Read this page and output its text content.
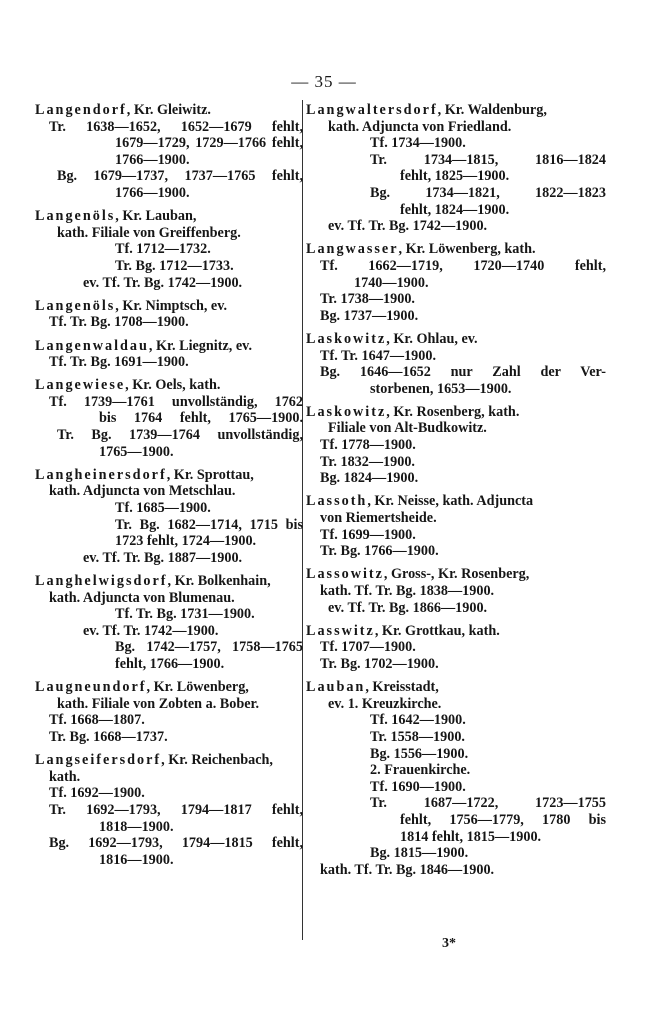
— 35 —
Langendorf, Kr. Gleiwitz.
Tr. 1638—1652, 1652—1679 fehlt,
1679—1729, 1729—1766 fehlt,
1766—1900.
Bg. 1679—1737, 1737—1765 fehlt,
1766—1900.
Langenöls, Kr. Lauban,
kath. Filiale von Greiffenberg.
Tf. 1712—1732.
Tr. Bg. 1712—1733.
ev. Tf. Tr. Bg. 1742—1900.
Langenöls, Kr. Nimptsch, ev.
Tf. Tr. Bg. 1708—1900.
Langenwaldau, Kr. Liegnitz, ev.
Tf. Tr. Bg. 1691—1900.
Langewiese, Kr. Oels, kath.
Tf. 1739—1761 unvollständig, 1762
bis 1764 fehlt, 1765—1900.
Tr. Bg. 1739—1764 unvollständig,
1765—1900.
Langheinersdorf, Kr. Sprottau,
kath. Adjuncta von Metschlau.
Tf. 1685—1900.
Tr. Bg. 1682—1714, 1715 bis
1723 fehlt, 1724—1900.
ev. Tf. Tr. Bg. 1887—1900.
Langhelwigsdorf, Kr. Bolkenhain,
kath. Adjuncta von Blumenau.
Tf. Tr. Bg. 1731—1900.
ev. Tf. Tr. 1742—1900.
Bg. 1742—1757, 1758—1765
fehlt, 1766—1900.
Laugneundorf, Kr. Löwenberg,
kath. Filiale von Zobten a. Bober.
Tf. 1668—1807.
Tr. Bg. 1668—1737.
Langseifersdorf, Kr. Reichenbach,
kath.
Tf. 1692—1900.
Tr. 1692—1793, 1794—1817 fehlt,
1818—1900.
Bg. 1692—1793, 1794—1815 fehlt,
1816—1900.
Langwaltersdorf, Kr. Waldenburg,
kath. Adjuncta von Friedland.
Tf. 1734—1900.
Tr. 1734—1815, 1816—1824
fehlt, 1825—1900.
Bg. 1734—1821, 1822—1823
fehlt, 1824—1900.
ev. Tf. Tr. Bg. 1742—1900.
Langwasser, Kr. Löwenberg, kath.
Tf. 1662—1719, 1720—1740 fehlt,
1740—1900.
Tr. 1738—1900.
Bg. 1737—1900.
Laskowitz, Kr. Ohlau, ev.
Tf. Tr. 1647—1900.
Bg. 1646—1652 nur Zahl der Ver-
storbenen, 1653—1900.
Laskowitz, Kr. Rosenberg, kath.
Filiale von Alt-Budkowitz.
Tf. 1778—1900.
Tr. 1832—1900.
Bg. 1824—1900.
Lassoth, Kr. Neisse, kath. Adjuncta
von Riemertsheide.
Tf. 1699—1900.
Tr. Bg. 1766—1900.
Lassowitz, Gross-, Kr. Rosenberg,
kath. Tf. Tr. Bg. 1838—1900.
ev. Tf. Tr. Bg. 1866—1900.
Lasswitz, Kr. Grottkau, kath.
Tf. 1707—1900.
Tr. Bg. 1702—1900.
Lauban, Kreisstadt,
ev. 1. Kreuzkirche.
Tf. 1642—1900.
Tr. 1558—1900.
Bg. 1556—1900.
2. Frauenkirche.
Tf. 1690—1900.
Tr. 1687—1722, 1723—1755
fehlt, 1756—1779, 1780 bis
1814 fehlt, 1815—1900.
Bg. 1815—1900.
kath. Tf. Tr. Bg. 1846—1900.
3*
